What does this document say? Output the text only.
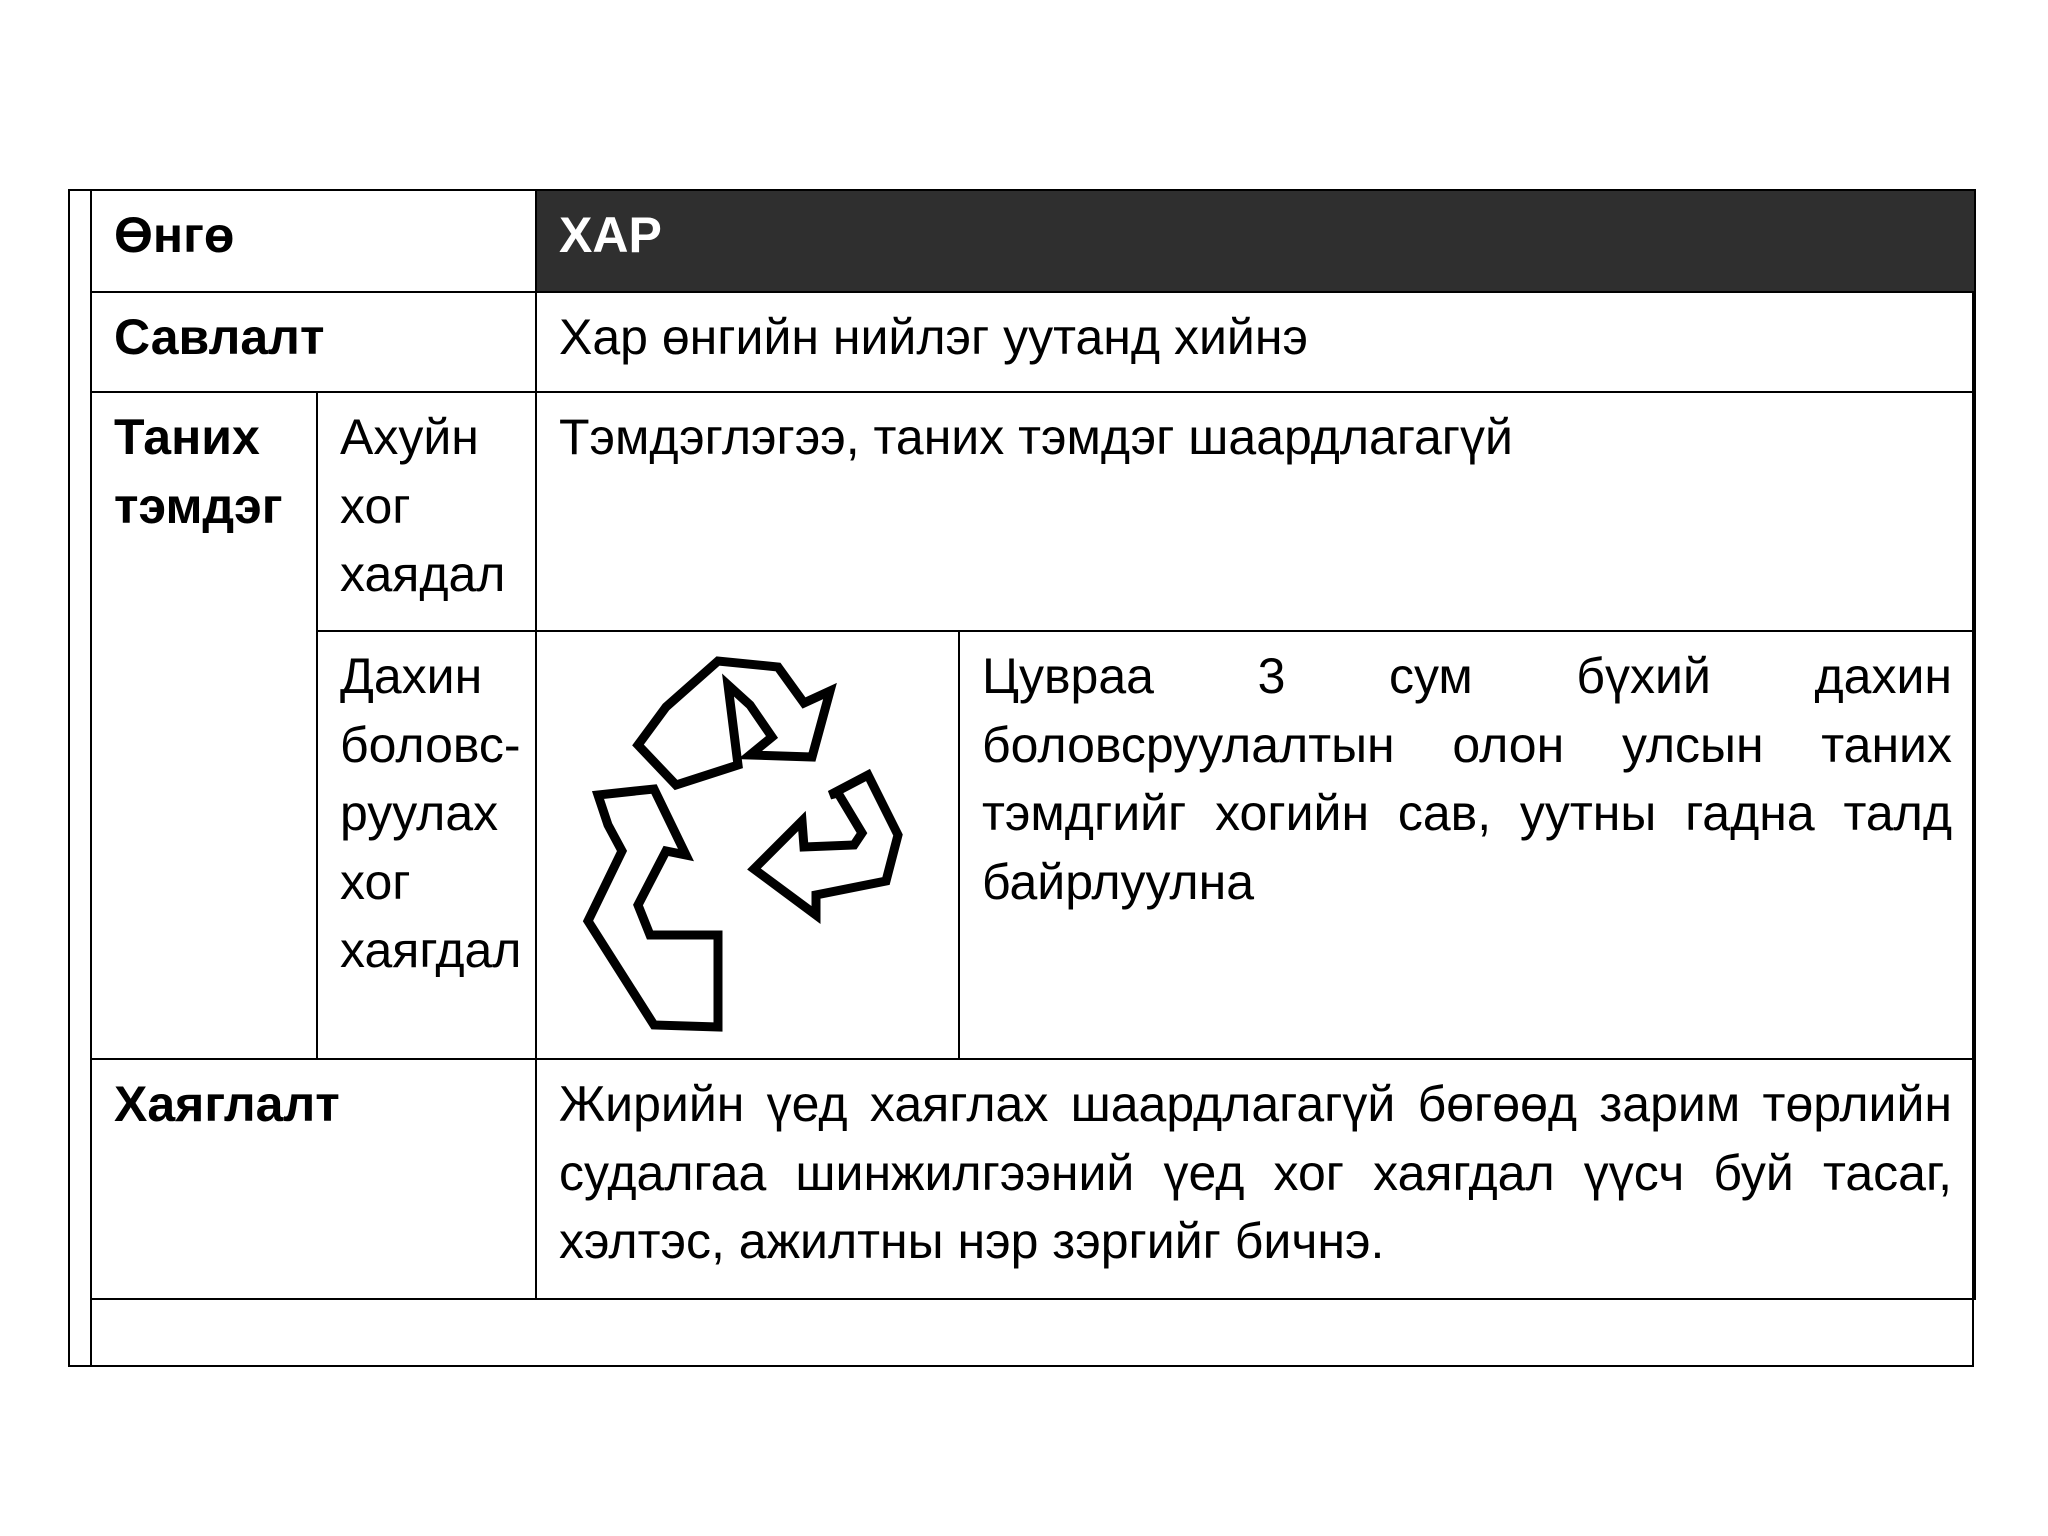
Өнгө		ХАР	
Савлалт		Хар өнгийн нийлэг уутанд хийнэ	
Таних тэмдэг	Ахуйн хог хаядал	Тэмдэглэгээ, таних тэмдэг шаардлагагүй	
	Дахин боловс-руулах хог хаягдал		Цувраа 3 сум бүхий дахин боловсруулалтын олон улсын таних тэмдгийг хогийн сав, уутны гадна талд байрлуулна
Хаяглалт		Жирийн үед хаяглах шаардлагагүй бөгөөд зарим төрлийн судалгаа шинжилгээний үед хог хаягдал үүсч буй тасаг, хэлтэс, ажилтны нэр зэргийг бичнэ.	
